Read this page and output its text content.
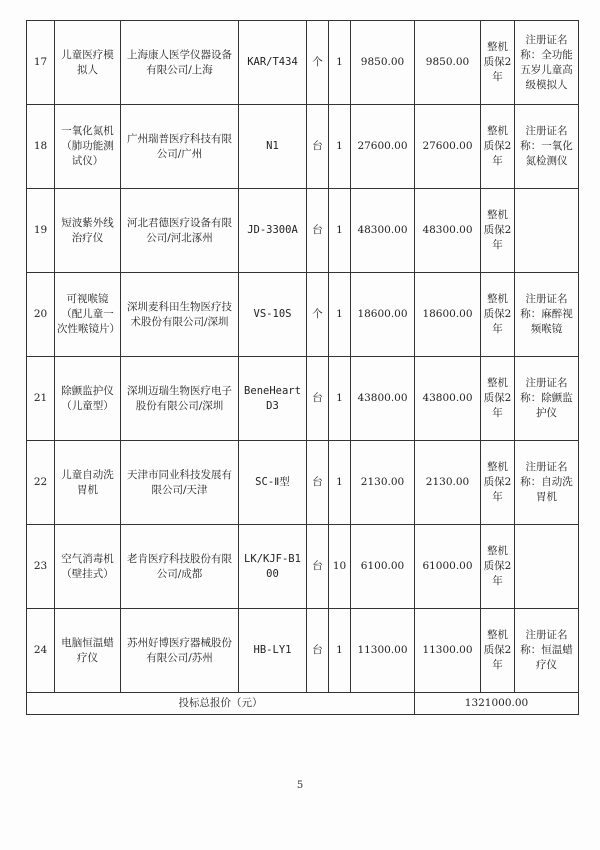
17	儿童医疗模拟人	上海康人医学仪器设备有限公司/上海	KAR/T434	个	1	9850.00	9850.00	整机质保2年	注册证名称：全功能五岁儿童高级模拟人
18	一氧化氮机（肺功能测试仪）	广州瑞普医疗科技有限公司/广州	N1	台	1	27600.00	27600.00	整机质保2年	注册证名称：一氧化氮检测仪
19	短波紫外线治疗仪	河北君德医疗设备有限公司/河北涿州	JD-3300A	台	1	48300.00	48300.00	整机质保2年	
20	可视喉镜（配儿童一次性喉镜片）	深圳麦科田生物医疗技术股份有限公司/深圳	VS-10S	个	1	18600.00	18600.00	整机质保2年	注册证名称：麻醉视频喉镜
21	除颤监护仪（儿童型）	深圳迈瑞生物医疗电子股份有限公司/深圳	BeneHeartD3	台	1	43800.00	43800.00	整机质保2年	注册证名称：除颤监护仪
22	儿童自动洗胃机	天津市同业科技发展有限公司/天津	SC-Ⅱ型	台	1	2130.00	2130.00	整机质保2年	注册证名称：自动洗胃机
23	空气消毒机（壁挂式）	老肯医疗科技股份有限公司/成都	LK/KJF-B100	台	10	6100.00	61000.00	整机质保2年	
24	电脑恒温蜡疗仪	苏州好博医疗器械股份有限公司/苏州	HB-LY1	台	1	11300.00	11300.00	整机质保2年	注册证名称：恒温蜡疗仪
投标总报价（元）							1321000.00		
5
